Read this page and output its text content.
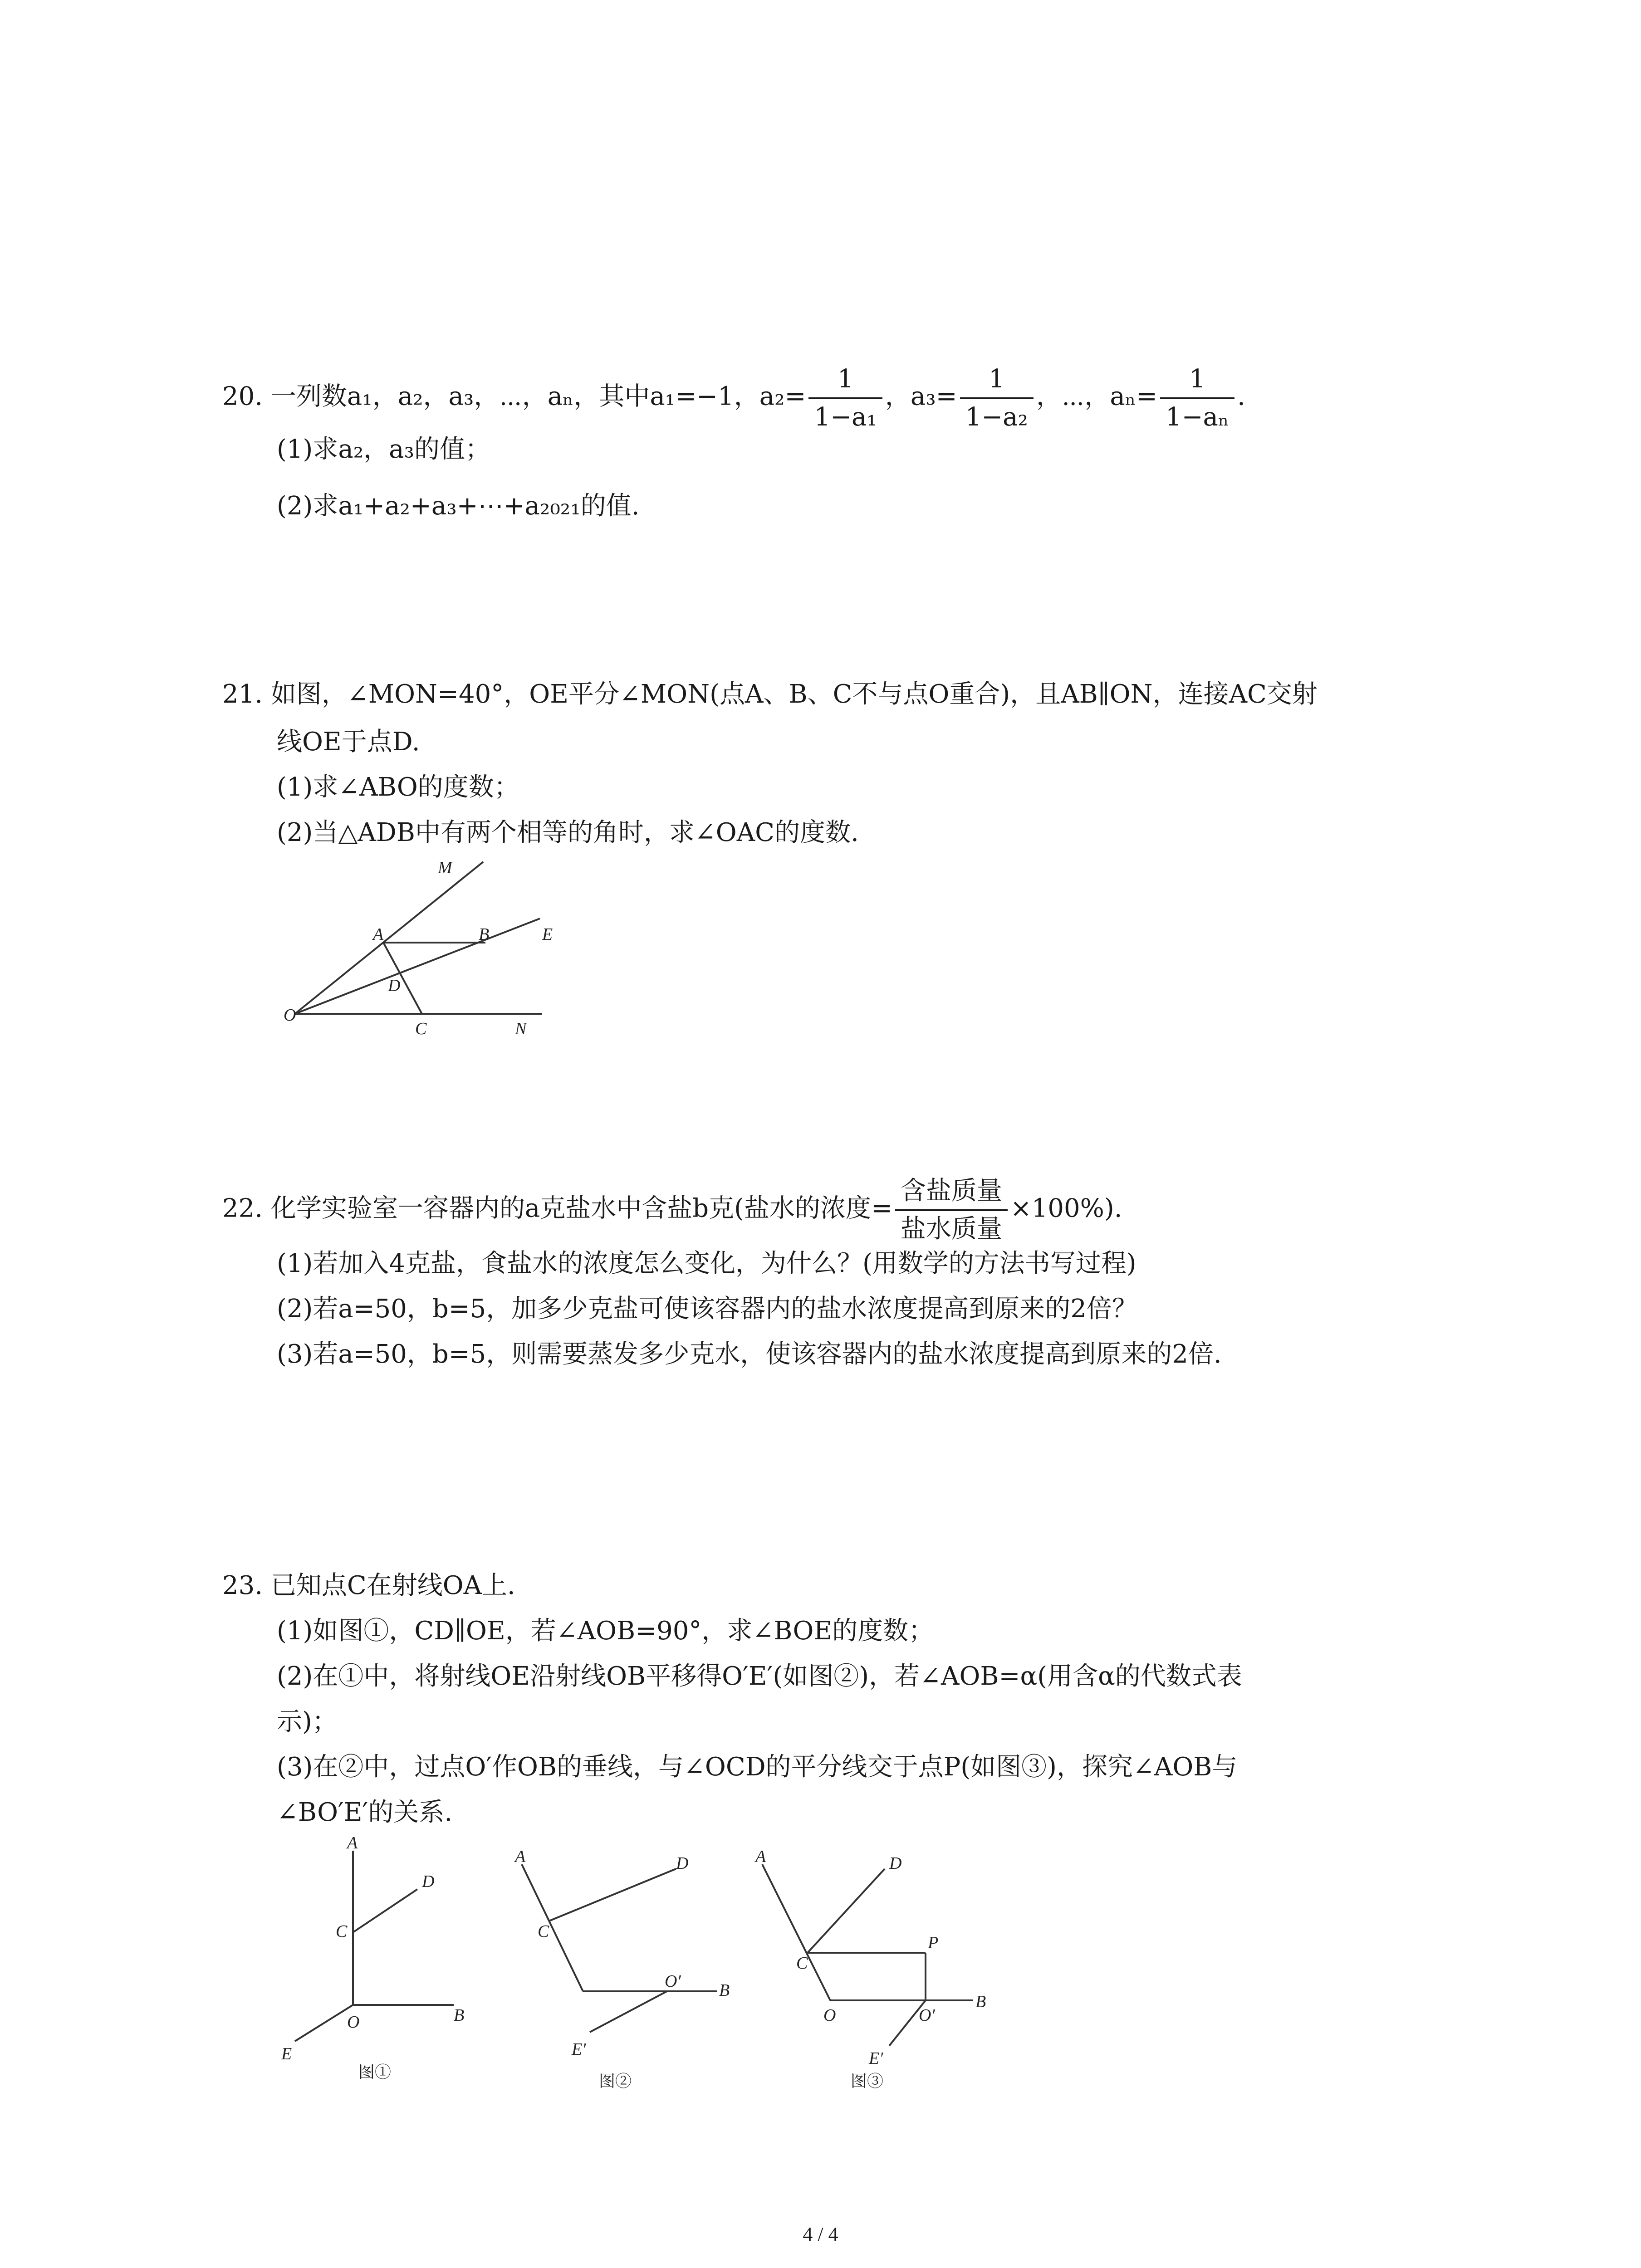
20. 一列数a₁，a₂，a₃，⋯，aₙ，其中a₁=−1，$a_2= \frac{1}{\text{1−a₁}}$ ，$a_3= \frac{1}{\text{1−a₂}}$ ，⋯，$a_n= \frac{1}{\text{1−aₙ}}$ .
(1)求a₂，a₃的值；
(2)求a₁+a₂+a₃+⋯+a₂₀₂₁的值.
21. 如图，∠MON=40°，OE平分∠MON(点A、B、C不与点O重合)，且AB∥ON，连接AC交射
线OE于点D.
(1)求∠ABO的度数；
(2)当△ADB中有两个相等的角时，求∠OAC的度数.
M
A	B	E
D
O
C	N
22. 化学实验室一容器内的a克盐水中含盐b克(盐水的浓度= $\frac{\text{含盐质量}}{\text{盐水质量}} \times 100\%$).
(1)若加入4克盐，食盐水的浓度怎么变化，为什么？(用数学的方法书写过程)
(2)若a=50，b=5，加多少克盐可使该容器内的盐水浓度提高到原来的2倍？
(3)若a=50，b=5，则需要蒸发多少克水，使该容器内的盐水浓度提高到原来的2倍.
23. 已知点C在射线OA上.
(1)如图①，CD∥OE，若∠AOB=90°，求∠BOE的度数；
(2)在①中，将射线OE沿射线OB平移得O′E′(如图②)，若∠AOB=α(用含α的代数式表
示)；
(3)在②中，过点O′作OB的垂线，与∠OCD的平分线交于点P(如图③)，探究∠AOB与
∠BO′E′的关系.
A
D
C
O	B
E
图①
A	D
C
O′ B
E′
图②
A	D
C
P
O	O′
B
E′
图③
4 / 4
